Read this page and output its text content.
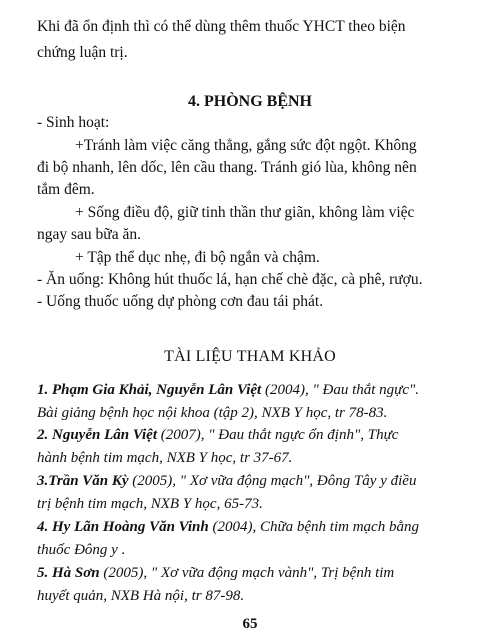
Khi đã ổn định thì có thể dùng thêm thuốc YHCT theo biện
chứng luận trị.
4. PHÒNG BỆNH
- Sinh hoạt:
+Tránh làm việc căng thẳng, gắng sức đột ngột. Không
đi bộ nhanh, lên dốc, lên cầu thang. Tránh gió lùa, không nên
tắm đêm.
+ Sống điều độ, giữ tinh thần thư giãn, không làm việc
ngay sau bữa ăn.
+ Tập thể dục nhẹ, đi bộ ngắn và chậm.
- Ăn uống: Không hút thuốc lá, hạn chế chè đặc, cà phê, rượu.
- Uống thuốc uống dự phòng cơn đau tái phát.
TÀI LIỆU THAM KHẢO
1. Phạm Gia Khải, Nguyễn Lân Việt (2004), " Đau thắt ngực".
Bài giảng bệnh học nội khoa (tập 2), NXB Y học, tr 78-83.
2. Nguyễn Lân Việt (2007), " Đau thắt ngực ổn định", Thực
hành bệnh tim mạch, NXB Y học, tr 37-67.
3.Trần Văn Kỳ (2005), " Xơ vữa động mạch", Đông Tây y điều
trị bệnh tim mạch, NXB Y học, 65-73.
4. Hy Lãn Hoàng Văn Vinh (2004), Chữa bệnh tim mạch bằng
thuốc Đông y .
5. Hà Sơn (2005), " Xơ vữa động mạch vành", Trị bệnh tim
huyết quản, NXB Hà nội, tr 87-98.
65
